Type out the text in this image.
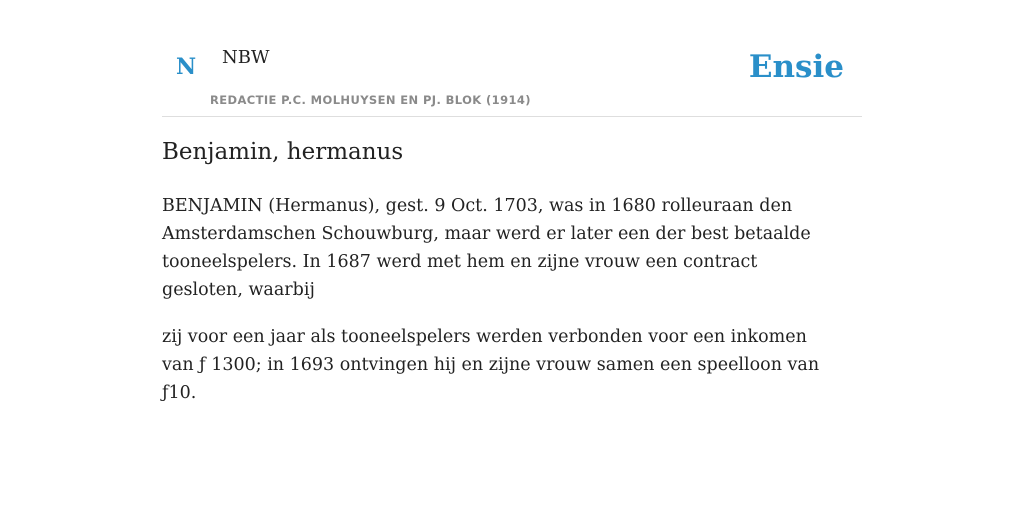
N NBW
REDACTIE P.C. MOLHUYSEN EN PJ. BLOK (1914)
Ensie
Benjamin, hermanus

BENJAMIN (Hermanus), gest. 9 Oct. 1703, was in 1680 rolleuraan den Amsterdamschen Schouwburg, maar werd er later een der best betaalde tooneelspelers. In 1687 werd met hem en zijne vrouw een contract gesloten, waarbij

zij voor een jaar als tooneelspelers werden verbonden voor een inkomen van ƒ 1300; in 1693 ontvingen hij en zijne vrouw samen een speelloon van ƒ10.
